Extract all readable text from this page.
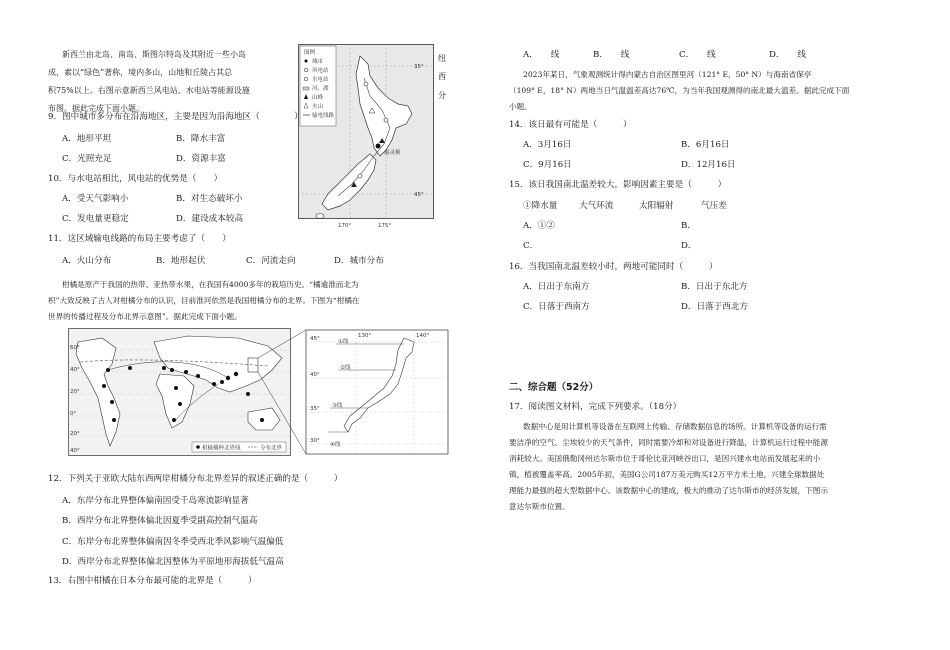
新西兰由北岛、南岛、斯图尔特岛及其附近一些小岛
成，素以“绿色”著称，境内多山，山地和丘陵占其总
积75%以上。右图示意新西兰风电站、水电站等能源设施
布图。据此完成下面小题。
惠灵顿
35°
45°
170°	175°
图例
城市
风电站
水电站
河、湖
山峰
火山
输电线路
纽
西
分
9．图中城市多分布在沿海地区，主要是因为沿海地区（　　　　）
A．地形平坦	B．降水丰富
C．光照充足	D．资源丰富
10．与水电站相比，风电站的优势是（　　）
A．受天气影响小	B．对生态破坏小
C．发电量更稳定	D．建设成本较高
11．这区域输电线路的布局主要考虑了（　　）
A．火山分布	B．地形起伏	C．河流走向	D．城市分布
柑橘是原产于我国的热带、亚热带水果，在我国有4000多年的栽培历史。“橘逾淮而北为
枳”大致反映了古人对柑橘分布的认识，目前淮河依然是我国柑橘分布的北界。下图为“柑橘在
世界的传播过程及分布北界示意图”。据此完成下面小题。
柑橘播种北界线	分布北界
①线
②线
③线
④线
45°
40°
35°
30°
130°	140°
60°
40°
20°
0°
20°
40°
12．下列关于亚欧大陆东西两岸柑橘分布北界差异的叙述正确的是（　　　）
A．东岸分布北界整体偏南因受千岛寒流影响显著
B．西岸分布北界整体偏北因夏季受副高控制气温高
C．东岸分布北界整体偏南因冬季受西北季风影响气温偏低
D．西岸分布北界整体偏北因整体为平原地形海拔低气温高
13．右图中柑橘在日本分布最可能的北界是（　　　）
A．　　线	B．　　线	C．　　线	D．　　线
2023年某日，气象观测统计得内蒙古自治区图里河（121° E，50° N）与海南省保亭
（109° E，18° N）两地当日气温温差高达76℃，为当年我国观测得的南北最大温差。据此完成下面
小题。
14．该日最有可能是（　　　）
A．3月16日	B．6月16日
C．9月16日	D．12月16日
15．该日我国南北温差较大，影响因素主要是（　　　）
①降水量	大气环流	太阳辐射	气压差
A．①②	B．
C．	D．
16．当我国南北温差较小时，两地可能同时（　　　）
A．日出于东南方	B．日出于东北方
C．日落于西南方	D．日落于西北方
二、综合题（52分）
17．阅读图文材料，完成下列要求。（18分）
数据中心是用计算机等设备在互联网上传输、存储数据信息的场所。计算机等设备的运行需
要洁净的空气、尘埃较少的天气条件，同时需要冷却和对设备进行降温，计算机运行过程中能源
消耗较大。美国俄勒冈州达尔斯市位于哥伦比亚河峡谷出口，是因兴建水电站而发展起来的小
镇，植被覆盖率高。2005年初，美国G公司187万美元购买12万平方米土地，兴建全球数据处
理能力最强的超大型数据中心。该数据中心的建成，极大的推动了达尔斯市的经济发展，下图示
意达尔斯市位置。
